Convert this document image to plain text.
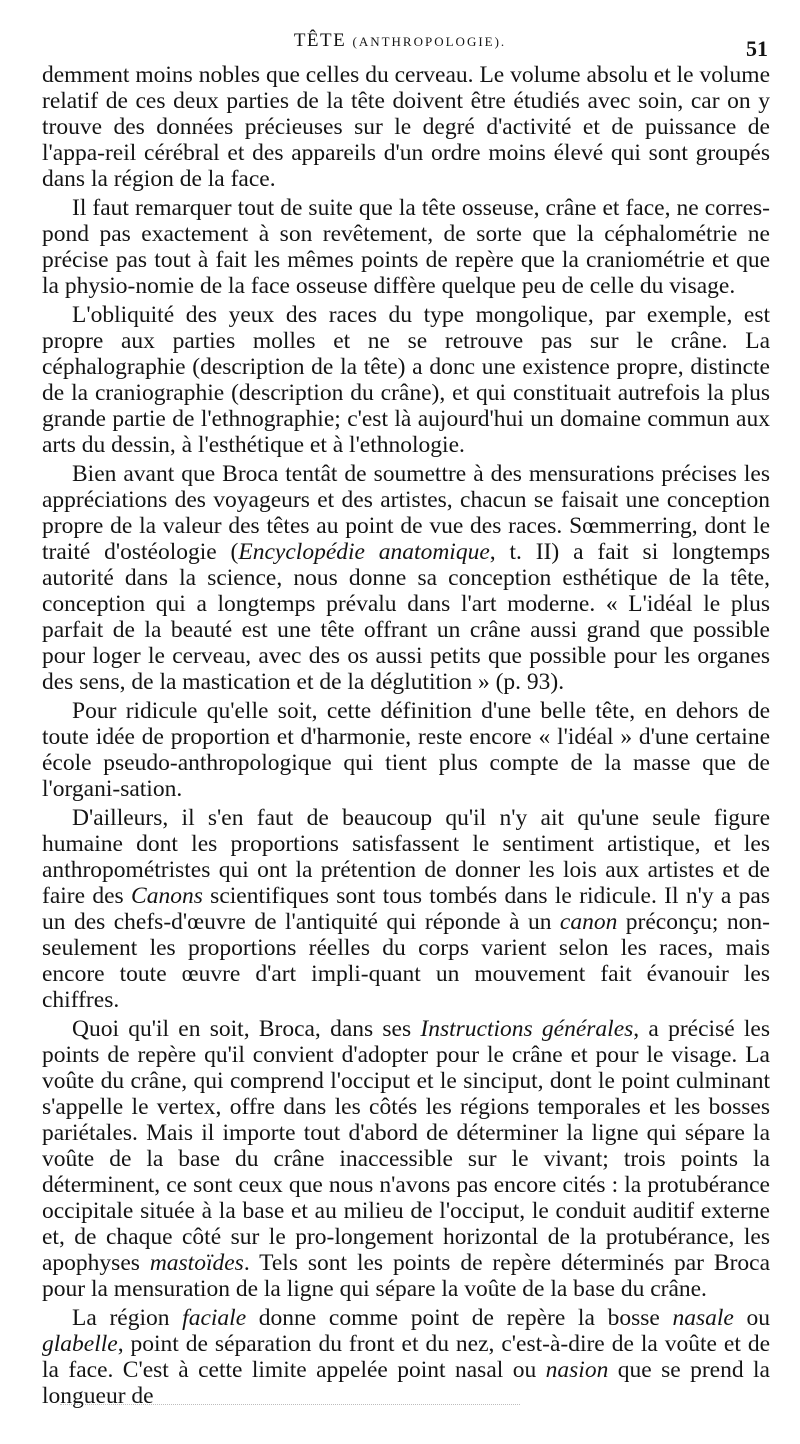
TÊTE (ANTHROPOLOGIE).	51

demment moins nobles que celles du cerveau. Le volume absolu et le volume relatif de ces deux parties de la tête doivent être étudiés avec soin, car on y trouve des données précieuses sur le degré d'activité et de puissance de l'appa-reil cérébral et des appareils d'un ordre moins élevé qui sont groupés dans la région de la face.

Il faut remarquer tout de suite que la tête osseuse, crâne et face, ne corres-pond pas exactement à son revêtement, de sorte que la céphalométrie ne précise pas tout à fait les mêmes points de repère que la craniométrie et que la physio-nomie de la face osseuse diffère quelque peu de celle du visage.

L'obliquité des yeux des races du type mongolique, par exemple, est propre aux parties molles et ne se retrouve pas sur le crâne. La céphalographie (description de la tête) a donc une existence propre, distincte de la craniographie (description du crâne), et qui constituait autrefois la plus grande partie de l'ethnographie; c'est là aujourd'hui un domaine commun aux arts du dessin, à l'esthétique et à l'ethnologie.

Bien avant que Broca tentât de soumettre à des mensurations précises les appréciations des voyageurs et des artistes, chacun se faisait une conception propre de la valeur des têtes au point de vue des races. Sœmmerring, dont le traité d'ostéologie (Encyclopédie anatomique, t. II) a fait si longtemps autorité dans la science, nous donne sa conception esthétique de la tête, conception qui a longtemps prévalu dans l'art moderne. « L'idéal le plus parfait de la beauté est une tête offrant un crâne aussi grand que possible pour loger le cerveau, avec des os aussi petits que possible pour les organes des sens, de la mastication et de la déglutition » (p. 93).

Pour ridicule qu'elle soit, cette définition d'une belle tête, en dehors de toute idée de proportion et d'harmonie, reste encore « l'idéal » d'une certaine école pseudo-anthropologique qui tient plus compte de la masse que de l'organi-sation.

D'ailleurs, il s'en faut de beaucoup qu'il n'y ait qu'une seule figure humaine dont les proportions satisfassent le sentiment artistique, et les anthropométristes qui ont la prétention de donner les lois aux artistes et de faire des Canons scientifiques sont tous tombés dans le ridicule. Il n'y a pas un des chefs-d'œuvre de l'antiquité qui réponde à un canon préconçu; non-seulement les proportions réelles du corps varient selon les races, mais encore toute œuvre d'art impli-quant un mouvement fait évanouir les chiffres.

Quoi qu'il en soit, Broca, dans ses Instructions générales, a précisé les points de repère qu'il convient d'adopter pour le crâne et pour le visage. La voûte du crâne, qui comprend l'occiput et le sinciput, dont le point culminant s'appelle le vertex, offre dans les côtés les régions temporales et les bosses pariétales. Mais il importe tout d'abord de déterminer la ligne qui sépare la voûte de la base du crâne inaccessible sur le vivant; trois points la déterminent, ce sont ceux que nous n'avons pas encore cités : la protubérance occipitale située à la base et au milieu de l'occiput, le conduit auditif externe et, de chaque côté sur le pro-longement horizontal de la protubérance, les apophyses mastoïdes. Tels sont les points de repère déterminés par Broca pour la mensuration de la ligne qui sépare la voûte de la base du crâne.

La région faciale donne comme point de repère la bosse nasale ou glabelle, point de séparation du front et du nez, c'est-à-dire de la voûte et de la face. C'est à cette limite appelée point nasal ou nasion que se prend la longueur de
